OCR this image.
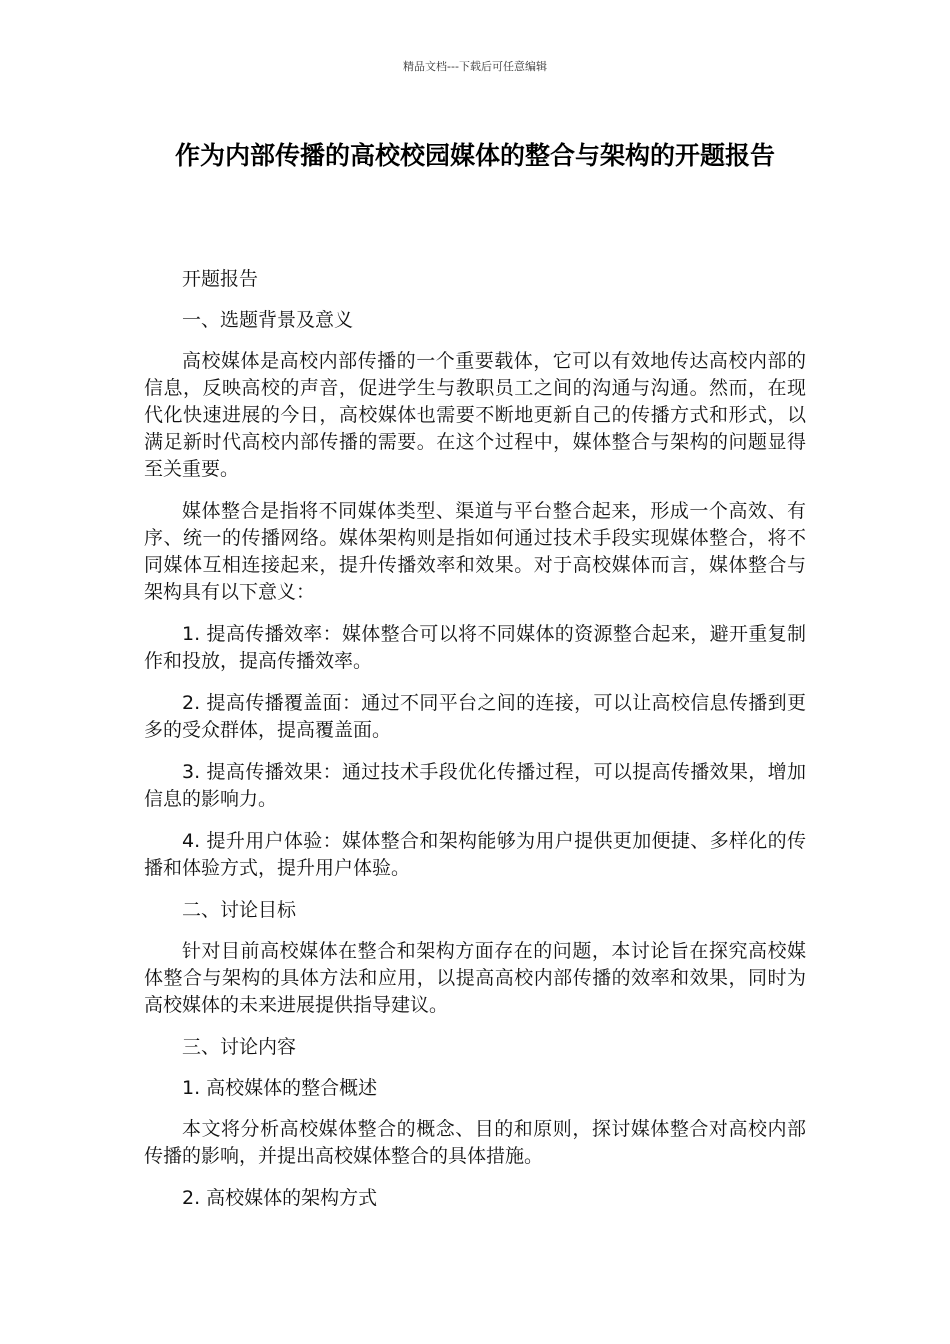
精品文档---下载后可任意编辑
作为内部传播的高校校园媒体的整合与架构的开题报告

开题报告

一、选题背景及意义

高校媒体是高校内部传播的一个重要载体，它可以有效地传达高校内部的信息，反映高校的声音，促进学生与教职员工之间的沟通与沟通。然而，在现代化快速进展的今日，高校媒体也需要不断地更新自己的传播方式和形式，以满足新时代高校内部传播的需要。在这个过程中，媒体整合与架构的问题显得至关重要。

媒体整合是指将不同媒体类型、渠道与平台整合起来，形成一个高效、有序、统一的传播网络。媒体架构则是指如何通过技术手段实现媒体整合，将不同媒体互相连接起来，提升传播效率和效果。对于高校媒体而言，媒体整合与架构具有以下意义：

1. 提高传播效率：媒体整合可以将不同媒体的资源整合起来，避开重复制作和投放，提高传播效率。

2. 提高传播覆盖面：通过不同平台之间的连接，可以让高校信息传播到更多的受众群体，提高覆盖面。

3. 提高传播效果：通过技术手段优化传播过程，可以提高传播效果，增加信息的影响力。

4. 提升用户体验：媒体整合和架构能够为用户提供更加便捷、多样化的传播和体验方式，提升用户体验。

二、讨论目标

针对目前高校媒体在整合和架构方面存在的问题，本讨论旨在探究高校媒体整合与架构的具体方法和应用，以提高高校内部传播的效率和效果，同时为高校媒体的未来进展提供指导建议。

三、讨论内容

1. 高校媒体的整合概述

本文将分析高校媒体整合的概念、目的和原则，探讨媒体整合对高校内部传播的影响，并提出高校媒体整合的具体措施。

2. 高校媒体的架构方式
